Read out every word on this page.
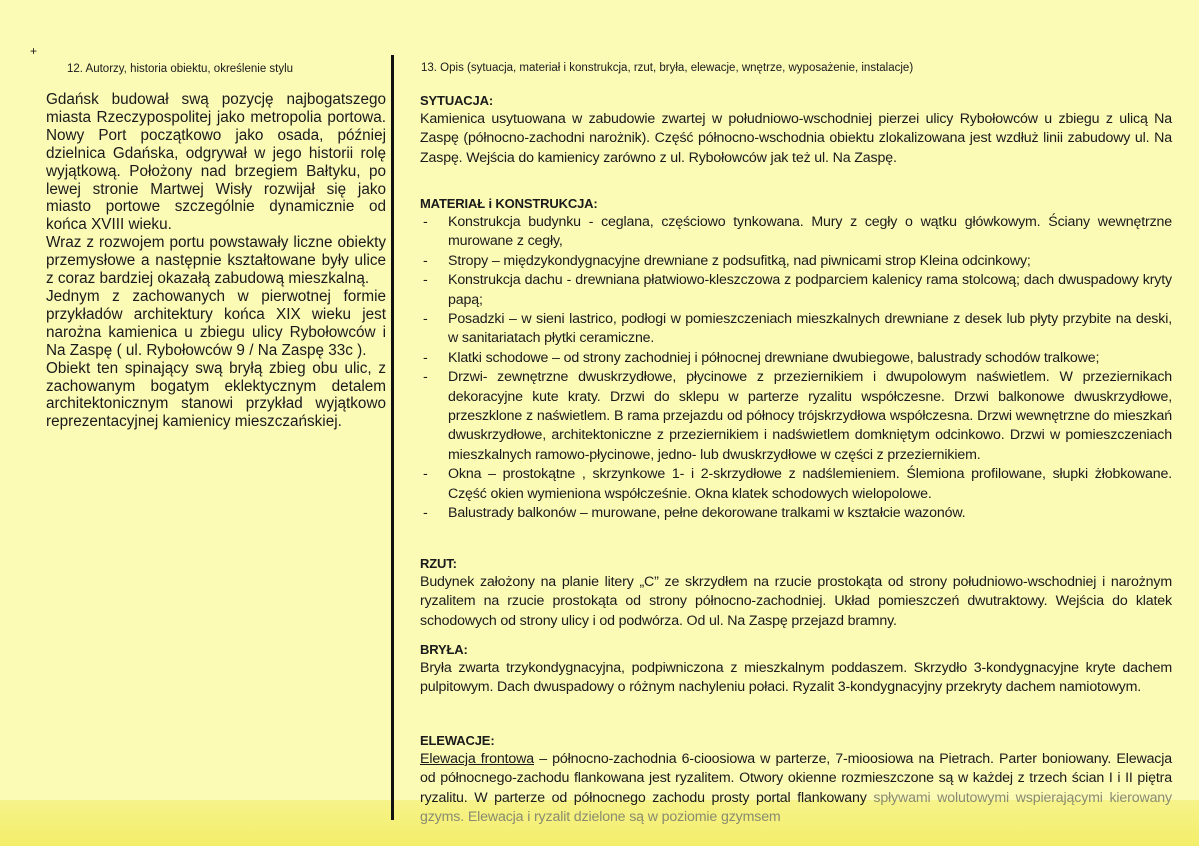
+
12. Autorzy, historia obiektu, określenie stylu

Gdańsk budował swą pozycję najbogatszego miasta Rzeczypospolitej jako metropolia portowa. Nowy Port początkowo jako osada, później dzielnica Gdańska, odgrywał w jego historii rolę wyjątkową. Położony nad brzegiem Bałtyku, po lewej stronie Martwej Wisły rozwijał się jako miasto portowe szczególnie dynamicznie od końca XVIII wieku.

Wraz z rozwojem portu powstawały liczne obiekty przemysłowe a następnie kształtowane były ulice z coraz bardziej okazałą zabudową mieszkalną.

Jednym z zachowanych w pierwotnej formie przykładów architektury końca XIX wieku jest narożna kamienica u zbiegu ulicy Rybołowców i Na Zaspę ( ul. Rybołowców 9 / Na Zaspę 33c ).

Obiekt ten spinający swą bryłą zbieg obu ulic, z zachowanym bogatym eklektycznym detalem architektonicznym stanowi przykład wyjątkowo reprezentacyjnej kamienicy mieszczańskiej.

13. Opis (sytuacja, materiał i konstrukcja, rzut, bryła, elewacje, wnętrze, wyposażenie, instalacje)
SYTUACJA:

Kamienica usytuowana w zabudowie zwartej w południowo-wschodniej pierzei ulicy Rybołowców u zbiegu z ulicą Na Zaspę (północno-zachodni narożnik). Część północno-wschodnia obiektu zlokalizowana jest wzdłuż linii zabudowy ul. Na Zaspę. Wejścia do kamienicy zarówno z ul. Rybołowców jak też ul. Na Zaspę.

MATERIAŁ i KONSTRUKCJA:
- Konstrukcja budynku - ceglana, częściowo tynkowana. Mury z cegły o wątku główkowym. Ściany wewnętrzne murowane z cegły,
- Stropy – międzykondygnacyjne drewniane z podsufitką, nad piwnicami strop Kleina odcinkowy;
- Konstrukcja dachu - drewniana płatwiowo-kleszczowa z podparciem kalenicy rama stolcową; dach dwuspadowy kryty papą;
- Posadzki – w sieni lastrico, podłogi w pomieszczeniach mieszkalnych drewniane z desek lub płyty przybite na deski, w sanitariatach płytki ceramiczne.
- Klatki schodowe – od strony zachodniej i północnej drewniane dwubiegowe, balustrady schodów tralkowe;
- Drzwi- zewnętrzne dwuskrzydłowe, płycinowe z przeziernikiem i dwupolowym naświetlem. W przeziernikach dekoracyjne kute kraty. Drzwi do sklepu w parterze ryzalitu współczesne. Drzwi balkonowe dwuskrzydłowe, przeszklone z naświetlem. B rama przejazdu od północy trójskrzydłowa współczesna. Drzwi wewnętrzne do mieszkań dwuskrzydłowe, architektoniczne z przeziernikiem i nadświetlem domkniętym odcinkowo. Drzwi w pomieszczeniach mieszkalnych ramowo-płycinowe, jedno- lub dwuskrzydłowe w części z przeziernikiem.
- Okna – prostokątne , skrzynkowe 1- i 2-skrzydłowe z nadślemieniem. Ślemiona profilowane, słupki żłobkowane. Część okien wymieniona współcześnie. Okna klatek schodowych wielopolowe.
- Balustrady balkonów – murowane, pełne dekorowane tralkami w kształcie wazonów.
RZUT:

Budynek założony na planie litery „C” ze skrzydłem na rzucie prostokąta od strony południowo-wschodniej i narożnym ryzalitem na rzucie prostokąta od strony północno-zachodniej. Układ pomieszczeń dwutraktowy. Wejścia do klatek schodowych od strony ulicy i od podwórza. Od ul. Na Zaspę przejazd bramny.

BRYŁA:

Bryła zwarta trzykondygnacyjna, podpiwniczona z mieszkalnym poddaszem. Skrzydło 3-kondygnacyjne kryte dachem pulpitowym. Dach dwuspadowy o różnym nachyleniu połaci. Ryzalit 3-kondygnacyjny przekryty dachem namiotowym.

ELEWACJE:

Elewacja frontowa – północno-zachodnia 6-cioosiowa w parterze, 7-mioosiowa na Pietrach. Parter boniowany. Elewacja od północnego-zachodu flankowana jest ryzalitem. Otwory okienne rozmieszczone są w każdej z trzech ścian I i II piętra ryzalitu. W parterze od północnego zachodu prosty portal flankowany spływami wolutowymi wspierającymi kierowany gzyms. Elewacja i ryzalit dzielone są w poziomie gzymsem
